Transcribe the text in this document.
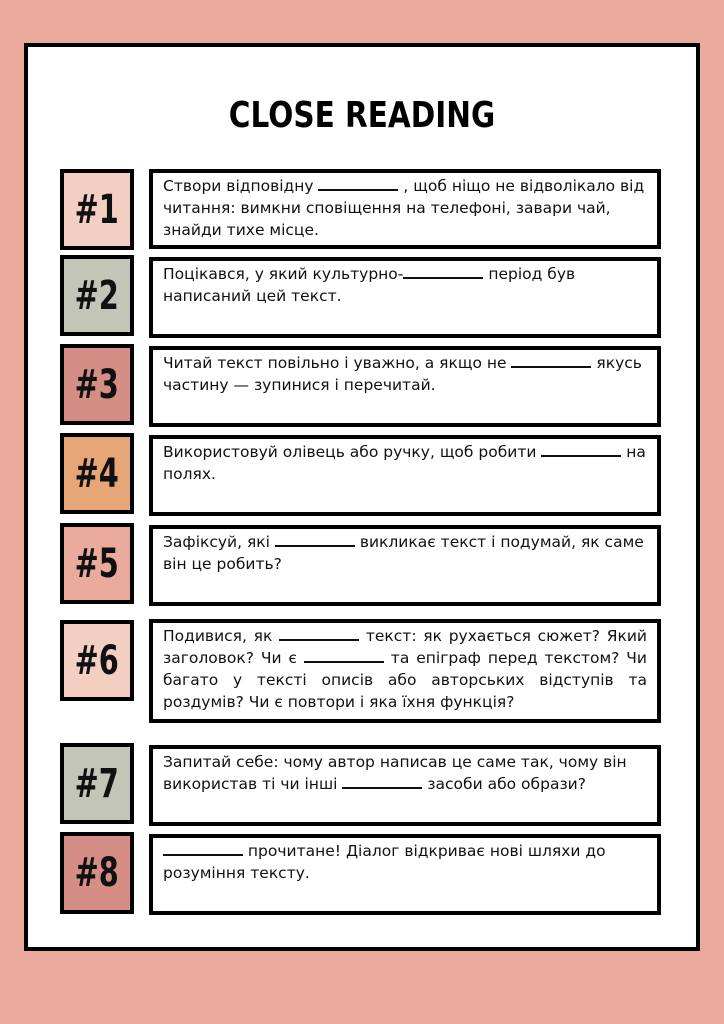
CLOSE READING
#1
Створи відповідну	, щоб ніщо не відволікало від читання: вимкни сповіщення на телефоні, завари чай, знайди тихе місце.
#2	Поцікався, у який культурно-	період був написаний цей текст.
#3	Читай текст повільно і уважно, а якщо не	якусь частину — зупинися і перечитай.
#4	Використовуй олівець або ручку, щоб робити	на полях.
#5	Зафіксуй, які	викликає текст і подумай, як саме він це робить?
#6
Подивися, як	текст: як рухається сюжет? Який заголовок? Чи є	та епіграф перед текстом? Чи багато у тексті описів або авторських відступів та роздумів? Чи є повтори і яка їхня функція?
#7	Запитай себе: чому автор написав це саме так, чому він використав ті чи інші	засоби або образи?
#8	прочитане! Діалог відкриває нові шляхи до розуміння тексту.
